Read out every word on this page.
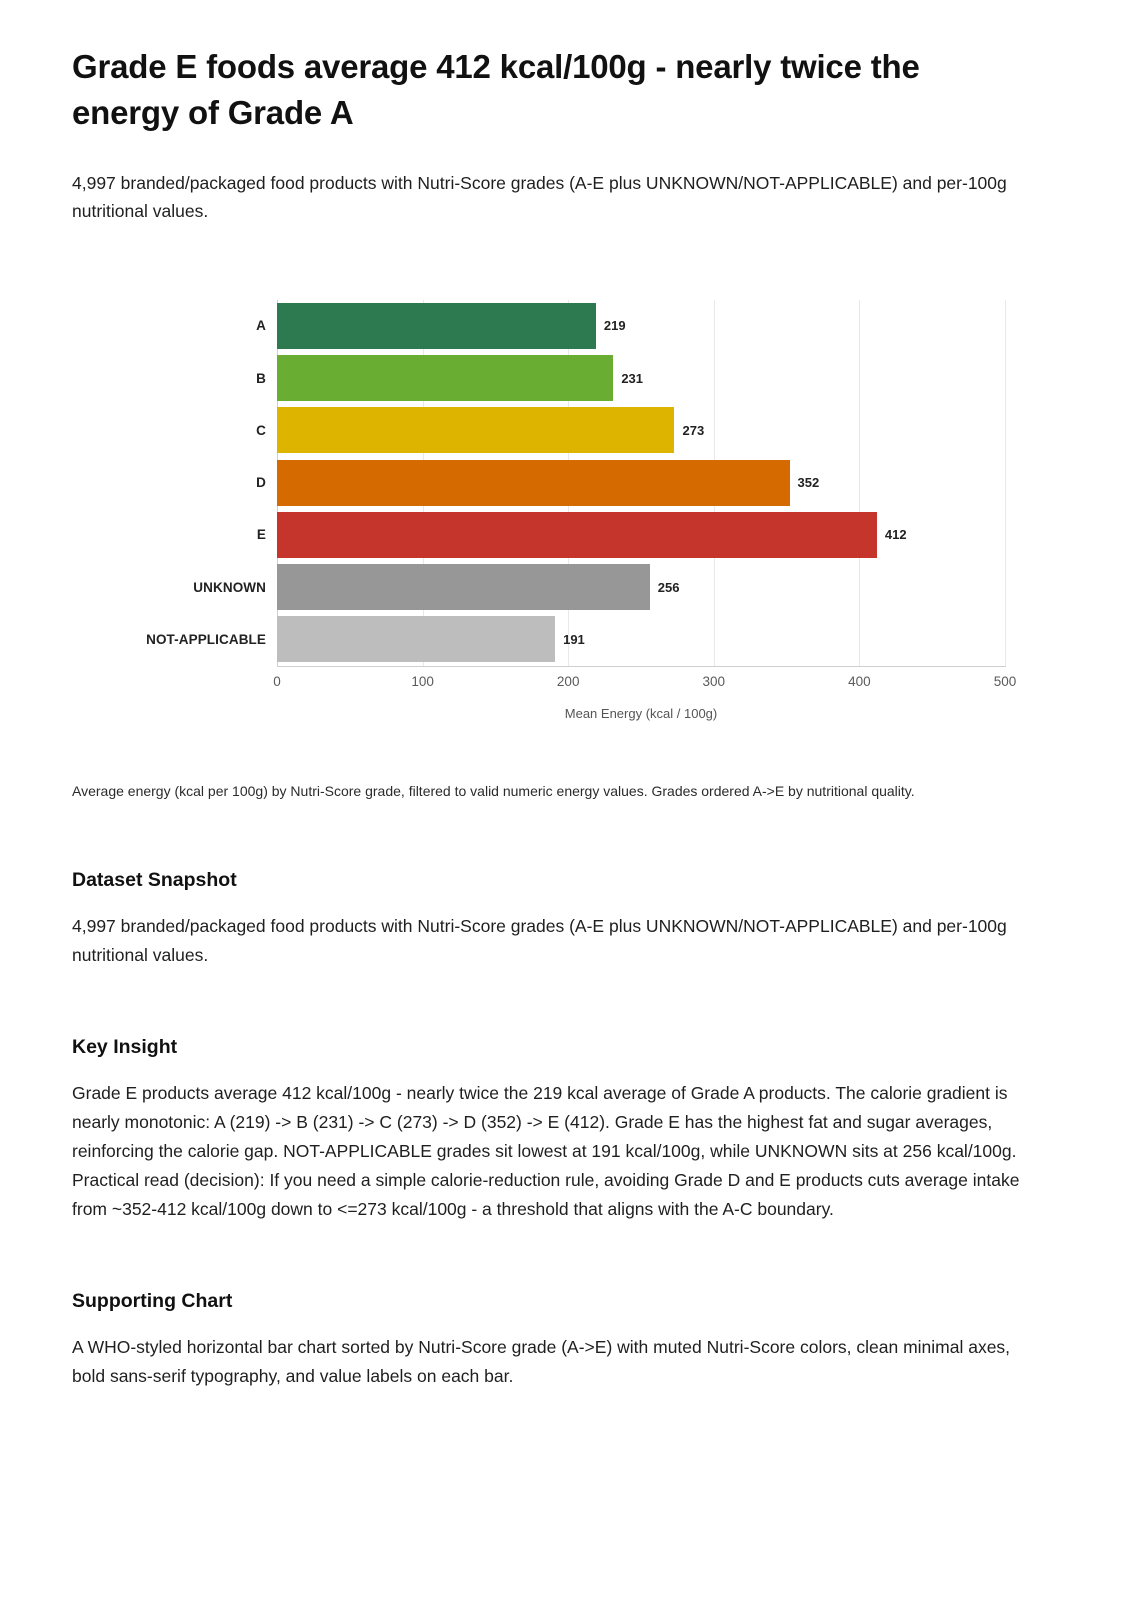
Grade E foods average 412 kcal/100g - nearly twice the energy of Grade A

4,997 branded/packaged food products with Nutri-Score grades (A-E plus UNKNOWN/NOT-APPLICABLE) and per-100g nutritional values.

A	219
B	231
C	273
D	352
E	412
UNKNOWN	256
NOT-APPLICABLE	191
0	100	200	300	400	500
Mean Energy (kcal / 100g)

Average energy (kcal per 100g) by Nutri-Score grade, filtered to valid numeric energy values. Grades ordered A->E by nutritional quality.

Dataset Snapshot

4,997 branded/packaged food products with Nutri-Score grades (A-E plus UNKNOWN/NOT-APPLICABLE) and per-100g nutritional values.

Key Insight

Grade E products average 412 kcal/100g - nearly twice the 219 kcal average of Grade A products. The calorie gradient is nearly monotonic: A (219) -> B (231) -> C (273) -> D (352) -> E (412). Grade E has the highest fat and sugar averages, reinforcing the calorie gap. NOT-APPLICABLE grades sit lowest at 191 kcal/100g, while UNKNOWN sits at 256 kcal/100g. Practical read (decision): If you need a simple calorie-reduction rule, avoiding Grade D and E products cuts average intake from ~352-412 kcal/100g down to <=273 kcal/100g - a threshold that aligns with the A-C boundary.

Supporting Chart

A WHO-styled horizontal bar chart sorted by Nutri-Score grade (A->E) with muted Nutri-Score colors, clean minimal axes, bold sans-serif typography, and value labels on each bar.
